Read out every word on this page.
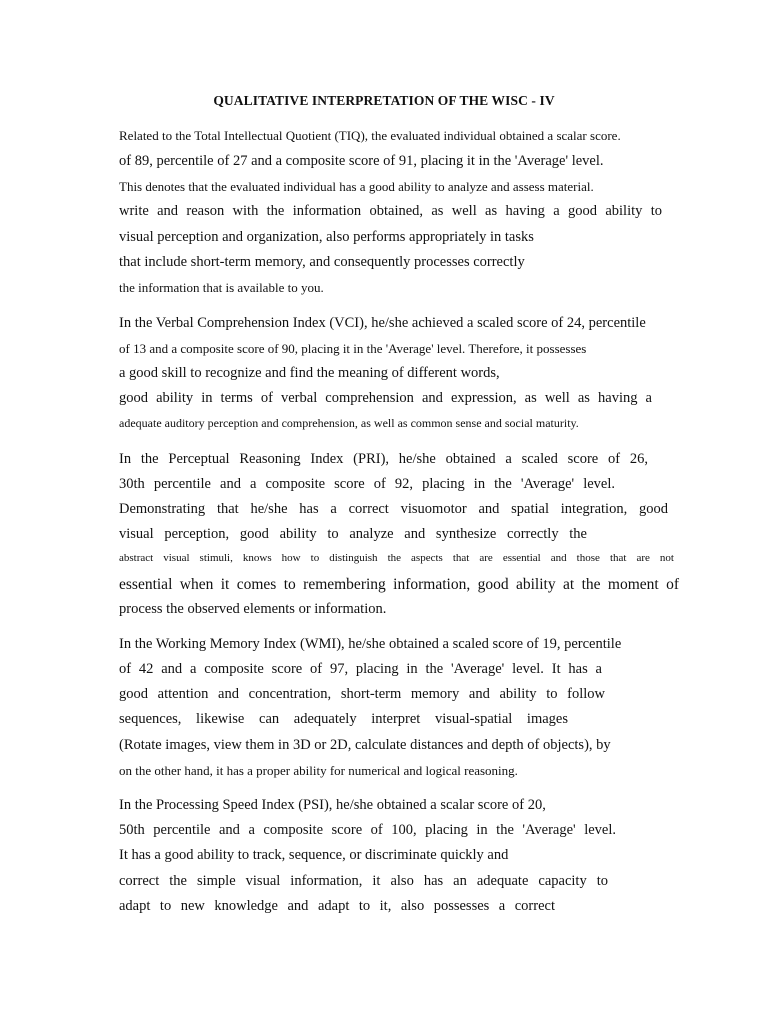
QUALITATIVE INTERPRETATION OF THE WISC - IV
Related to the Total Intellectual Quotient (TIQ), the evaluated individual obtained a scalar score.
of 89, percentile of 27 and a composite score of 91, placing it in the 'Average' level.
This denotes that the evaluated individual has a good ability to analyze and assess material.
write and reason with the information obtained, as well as having a good ability to
visual perception and organization, also performs appropriately in tasks
that include short-term memory, and consequently processes correctly
the information that is available to you.
In the Verbal Comprehension Index (VCI), he/she achieved a scaled score of 24, percentile
of 13 and a composite score of 90, placing it in the 'Average' level. Therefore, it possesses
a good skill to recognize and find the meaning of different words,
good ability in terms of verbal comprehension and expression, as well as having a
adequate auditory perception and comprehension, as well as common sense and social maturity.
In the Perceptual Reasoning Index (PRI), he/she obtained a scaled score of 26,
30th percentile and a composite score of 92, placing in the 'Average' level.
Demonstrating that he/she has a correct visuomotor and spatial integration, good
visual perception, good ability to analyze and synthesize correctly the
abstract visual stimuli, knows how to distinguish the aspects that are essential and those that are not
essential when it comes to remembering information, good ability at the moment of
process the observed elements or information.
In the Working Memory Index (WMI), he/she obtained a scaled score of 19, percentile
of 42 and a composite score of 97, placing in the 'Average' level. It has a
good attention and concentration, short-term memory and ability to follow
sequences, likewise can adequately interpret visual-spatial images
(Rotate images, view them in 3D or 2D, calculate distances and depth of objects), by
on the other hand, it has a proper ability for numerical and logical reasoning.
In the Processing Speed Index (PSI), he/she obtained a scalar score of 20,
50th percentile and a composite score of 100, placing in the 'Average' level.
It has a good ability to track, sequence, or discriminate quickly and
correct the simple visual information, it also has an adequate capacity to
adapt to new knowledge and adapt to it, also possesses a correct
